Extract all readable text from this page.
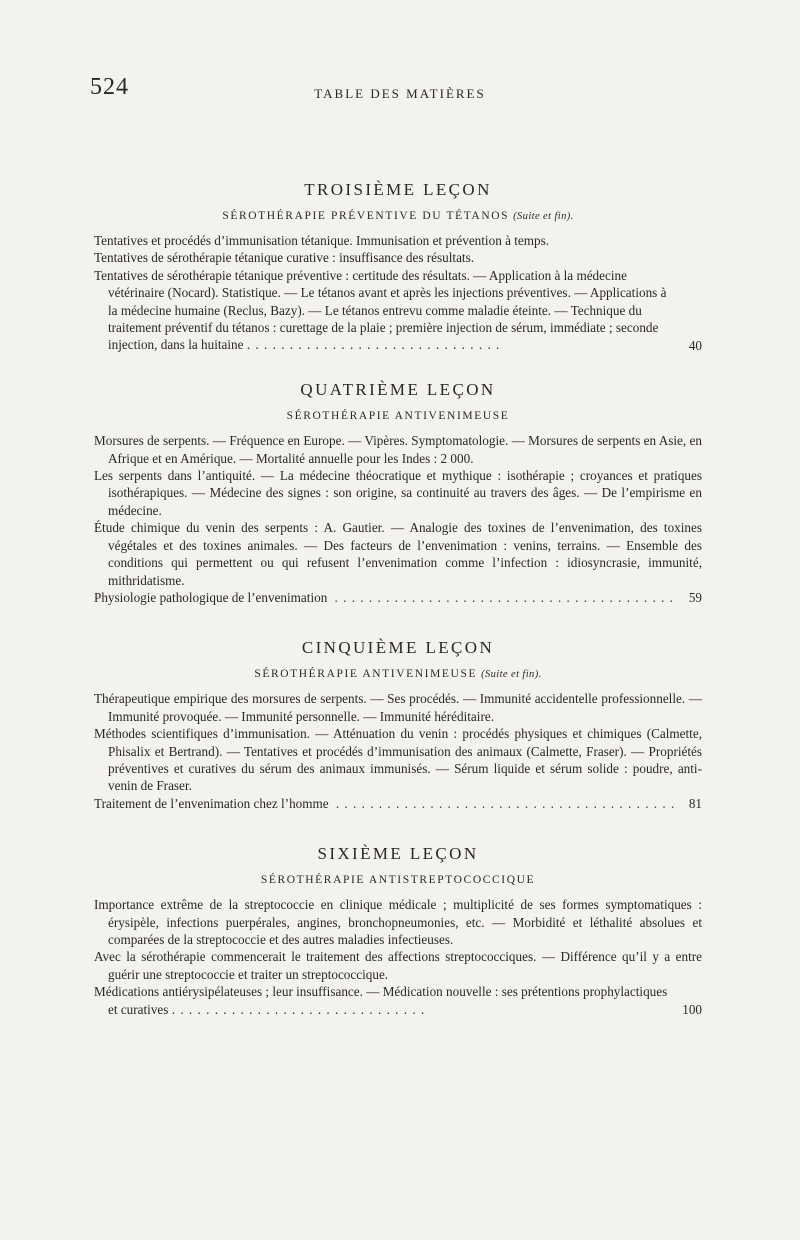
524	TABLE DES MATIÈRES
TROISIÈME LEÇON
SÉROTHÉRAPIE PRÉVENTIVE DU TÉTANOS (Suite et fin).

Tentatives et procédés d’immunisation tétanique. Immunisation et prévention à temps.

Tentatives de sérothérapie tétanique curative : insuffisance des résultats.

Tentatives de sérothérapie tétanique préventive : certitude des résultats. — Application à la médecine vétérinaire (Nocard). Statistique. — Le tétanos avant et après les injections préventives. — Applications à la médecine humaine (Reclus, Bazy). — Le tétanos entrevu comme maladie éteinte. — Technique du traitement préventif du tétanos : curettage de la plaie ; première injection de sérum, immédiate ; seconde injection, dans la huitaine . . . . . . . . . . . . . . . . . . . . . . . . . . . . . .	40
QUATRIÈME LEÇON
SÉROTHÉRAPIE ANTIVENIMEUSE

Morsures de serpents. — Fréquence en Europe. — Vipères. Symptomatologie. — Morsures de serpents en Asie, en Afrique et en Amérique. — Mortalité annuelle pour les Indes : 2 000.

Les serpents dans l’antiquité. — La médecine théocratique et mythique : isothérapie ; croyances et pratiques isothérapiques. — Médecine des signes : son origine, sa continuité au travers des âges. — De l’empirisme en médecine.

Étude chimique du venin des serpents : A. Gautier. — Analogie des toxines de l’envenimation, des toxines végétales et des toxines animales. — Des facteurs de l’envenimation : venins, terrains. — Ensemble des conditions qui permettent ou qui refusent l’envenimation comme l’infection : idiosyncrasie, immunité, mithridatisme.

Physiologie pathologique de l’envenimation . . .	59

CINQUIÈME LEÇON
SÉROTHÉRAPIE ANTIVENIMEUSE (Suite et fin).

Thérapeutique empirique des morsures de serpents. — Ses procédés. — Immunité accidentelle professionnelle. — Immunité provoquée. — Immunité personnelle. — Immunité héréditaire.

Méthodes scientifiques d’immunisation. — Atténuation du venin : procédés physiques et chimiques (Calmette, Phisalix et Bertrand). — Tentatives et procédés d’immunisation des animaux (Calmette, Fraser). — Propriétés préventives et curatives du sérum des animaux immunisés. — Sérum liquide et sérum solide : poudre, anti-venin de Fraser.

Traitement de l’envenimation chez l’homme . . .	81

SIXIÈME LEÇON
SÉROTHÉRAPIE ANTISTREPTOCOCCIQUE

Importance extrême de la streptococcie en clinique médicale ; multiplicité de ses formes symptomatiques : érysipèle, infections puerpérales, angines, bronchopneumonies, etc. — Morbidité et léthalité absolues et comparées de la streptococcie et des autres maladies infectieuses.

Avec la sérothérapie commencerait le traitement des affections streptococciques. — Différence qu’il y a entre guérir une streptococcie et traiter un streptococcique.

Médications antiérysipélateuses ; leur insuffisance. — Médication nouvelle : ses prétentions prophylactiques et curatives . . . . . . . . . . . . . . . . . . . . . . . . . . . . . .	100
